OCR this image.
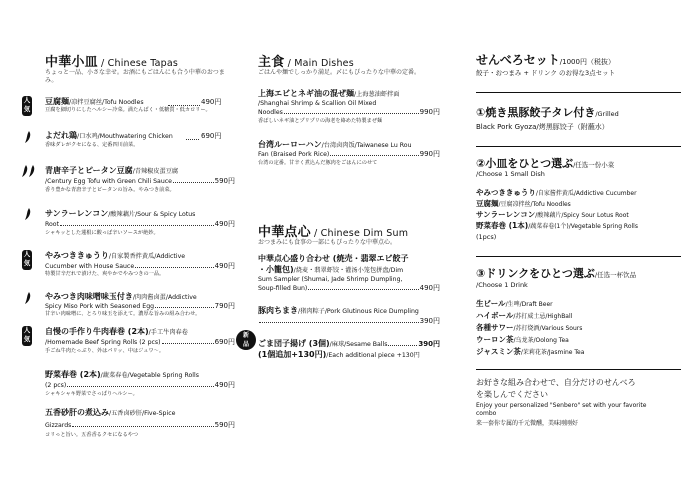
中華小皿 / Chinese Tapas
ちょっと一品、小さな幸せ。お酒にもごはんにも合う中華のおつまみ。
豆腐麺/凉拌豆腐丝/Tofu Noodles	490円
豆腐を細切りにしたヘルシー冷菜。満たんぱく・低糖質・低カロリー。
よだれ鶏/口水鸡/Mouthwatering Chicken	690円
香味ダレがクセになる、定番四川前菜。
青唐辛子とピータン豆腐/青辣椒皮蛋豆腐
/Century Egg Tofu with Green Chili Sauce	590円
香り豊かな青唐辛子とピータンの旨み。やみつき前菜。
サンラーレンコン/酸辣藕片/Sour & Spicy Lotus
Root	490円
シャキッとした蓮根に酸っぱ辛いソースが絶妙。
やみつききゅうり/自家製香拌黄瓜/Addictive
Cucumber with House Sauce	490円
特製甘辛だれで漬けた、爽やかでやみつきの一品。
やみつき肉味噌味玉付き/肉肉酱卤蛋/Addictive
Spicy Miso Pork with Seasoned Egg	790円
甘辛い肉味噌に、とろり味玉を添えて。濃厚な旨みの組み合わせ。
自慢の手作り牛肉春巻 (2本)/手工牛肉春卷
/Homemade Beef Spring Rolls (2 pcs)	690円
手ごね牛肉たっぷり、外はパリッ、中はジュワ～。
野菜春巻 (2本)/蔬菜春卷/Vegetable Spring Rolls
(2 pcs)	490円
シャキシャキ野菜でさっぱりヘルシー。
五香砂肝の煮込み/五香卤砂肝/Five-Spice
Gizzards	590円
コリっと旨い。五香香るクセになるやつ
人
気
人
気
人
気
主食 / Main Dishes
ごはんや麺でしっかり満足。〆にもぴったりな中華の定番。
上海エビとネギ油の混ぜ麺/上海葱油虾拌面
/Shanghai Shrimp & Scallion Oil Mixed
Noodles	990円
香ばしいネギ油とプリプリの海老を絡めた特製まぜ麺
台湾ルーローハン/台湾卤肉饭/Taiwanese Lu Rou
Fan (Braised Pork Rice)	990円
台湾の定番。甘辛く煮込んだ豚肉をごはんにのせて
中華点心 / Chinese Dim Sum
おつまみにも食事の一部にもぴったりな中華点心。
中華点心盛り合わせ (焼売・翡翠エビ餃子
・小籠包)/烧麦・翡翠虾饺・灌汤小笼包拼盘/Dim
Sum Sampler (Shumai, Jade Shrimp Dumpling,
Soup-filled Bun)	490円
豚肉ちまき/猪肉粽子/Pork Glutinous Rice Dumpling
390円
ごま団子揚げ (3個) /麻球/Sesame Balls	390円
(1個追加+130円)/Each additional piece +130円
新
品
せんべろセット/1000円（税抜）
餃子・おつまみ + ドリンク のお得な3点セット
①焼き黒豚餃子タレ付き/Grilled
Black Pork Gyoza/烤黑豚饺子（附蘸水）
②小皿をひとつ選ぶ/任选一份小菜
/Choose 1 Small Dish
やみつききゅうり/自家酱拌黄瓜/Addictive Cucumber
豆腐麺/豆腐凉拌丝/Tofu Noodles
サンラーレンコン/酸辣藕片/Spicy Sour Lotus Root
野菜春巻 (1本)/蔬菜春卷(1个)/Vegetable Spring Rolls
(1pcs)
③ドリンクをひとつ選ぶ/任选一杯饮品
/Choose 1 Drink
生ビール/生啤/Draft Beer
ハイボール/苏打威士忌/HighBall
各種サワー/苏打烧酒/Various Sours
ウーロン茶/乌龙茶/Oolong Tea
ジャスミン茶/茉莉花茶/Jasmine Tea
お好きな組み合わせで、自分だけのせんべろ
を楽しんでください
Enjoy your personalized "Senbero" set with your favorite
combo
来一套你专属的千元微醺，美味刚刚好
